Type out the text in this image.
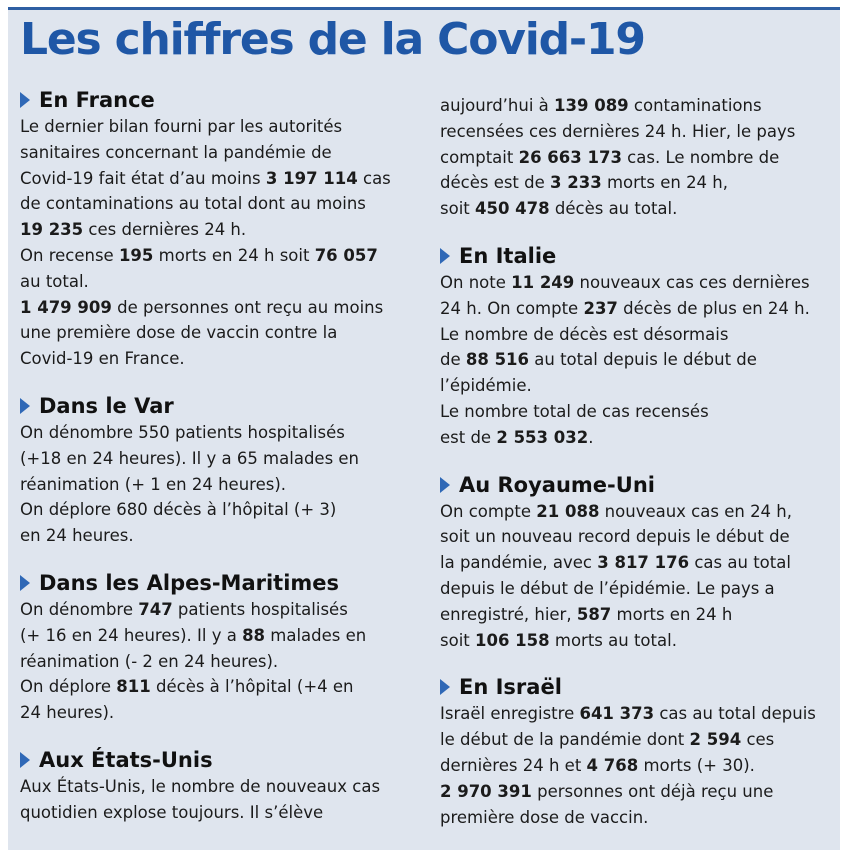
Les chiffres de la Covid-19
En France
Le dernier bilan fourni par les autorités
sanitaires concernant la pandémie de
Covid-19 fait état d’au moins 3 197 114 cas
de contaminations au total dont au moins
19 235 ces dernières 24 h.
On recense 195 morts en 24 h soit 76 057
au total.
1 479 909 de personnes ont reçu au moins
une première dose de vaccin contre la
Covid-19 en France.
Dans le Var
On dénombre 550 patients hospitalisés
(+18 en 24 heures). Il y a 65 malades en
réanimation (+ 1 en 24 heures).
On déplore 680 décès à l’hôpital (+ 3)
en 24 heures.
Dans les Alpes-Maritimes
On dénombre 747 patients hospitalisés
(+ 16 en 24 heures). Il y a 88 malades en
réanimation (- 2 en 24 heures).
On déplore 811 décès à l’hôpital (+4 en
24 heures).
Aux États-Unis
Aux États-Unis, le nombre de nouveaux cas
quotidien explose toujours. Il s’élève
aujourd’hui à 139 089 contaminations
recensées ces dernières 24 h. Hier, le pays
comptait 26 663 173 cas. Le nombre de
décès est de 3 233 morts en 24 h,
soit 450 478 décès au total.
En Italie
On note 11 249 nouveaux cas ces dernières
24 h. On compte 237 décès de plus en 24 h.
Le nombre de décès est désormais
de 88 516 au total depuis le début de
l’épidémie.
Le nombre total de cas recensés
est de 2 553 032.
Au Royaume-Uni
On compte 21 088 nouveaux cas en 24 h,
soit un nouveau record depuis le début de
la pandémie, avec 3 817 176 cas au total
depuis le début de l’épidémie. Le pays a
enregistré, hier, 587 morts en 24 h
soit 106 158 morts au total.
En Israël
Israël enregistre 641 373 cas au total depuis
le début de la pandémie dont 2 594 ces
dernières 24 h et 4 768 morts (+ 30).
2 970 391 personnes ont déjà reçu une
première dose de vaccin.
